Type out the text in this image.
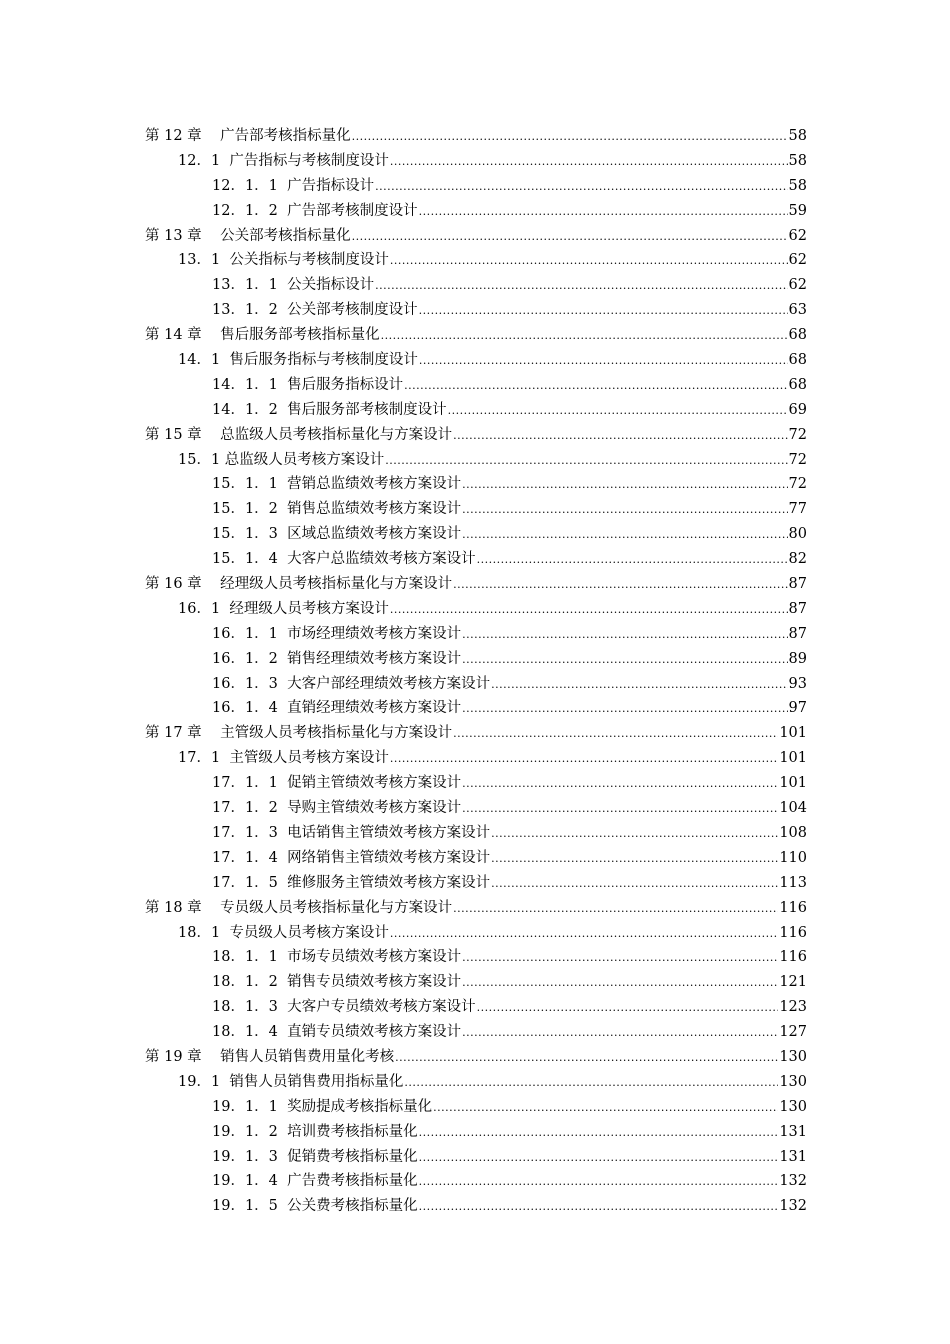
第 12 章    广告部考核指标量化 .....	58
12．1  广告指标与考核制度设计 .....	58
12．1．1  广告指标设计 .....	58
12．1．2  广告部考核制度设计 .....	59
第 13 章    公关部考核指标量化 .....	62
13．1  公关指标与考核制度设计 .....	62
13．1．1  公关指标设计 .....	62
13．1．2  公关部考核制度设计 .....	63
第 14 章    售后服务部考核指标量化 .....	68
14．1  售后服务指标与考核制度设计 .....	68
14．1．1  售后服务指标设计 .....	68
14．1．2  售后服务部考核制度设计 .....	69
第 15 章    总监级人员考核指标量化与方案设计 .....	72
15．1 总监级人员考核方案设计 .....	72
15．1．1  营销总监绩效考核方案设计 .....	72
15．1．2  销售总监绩效考核方案设计 .....	77
15．1．3  区域总监绩效考核方案设计 .....	80
15．1．4  大客户总监绩效考核方案设计 .....	82
第 16 章    经理级人员考核指标量化与方案设计 .....	87
16．1  经理级人员考核方案设计 .....	87
16．1．1  市场经理绩效考核方案设计 .....	87
16．1．2  销售经理绩效考核方案设计 .....	89
16．1．3  大客户部经理绩效考核方案设计 .....	93
16．1．4  直销经理绩效考核方案设计 .....	97
第 17 章    主管级人员考核指标量化与方案设计 .....	101
17．1  主管级人员考核方案设计 .....	101
17．1．1  促销主管绩效考核方案设计 .....	101
17．1．2  导购主管绩效考核方案设计 .....	104
17．1．3  电话销售主管绩效考核方案设计 .....	108
17．1．4  网络销售主管绩效考核方案设计 .....	110
17．1．5  维修服务主管绩效考核方案设计 .....	113
第 18 章    专员级人员考核指标量化与方案设计 .....	116
18．1  专员级人员考核方案设计 .....	116
18．1．1  市场专员绩效考核方案设计 .....	116
18．1．2  销售专员绩效考核方案设计 .....	121
18．1．3  大客户专员绩效考核方案设计 .....	123
18．1．4  直销专员绩效考核方案设计 .....	127
第 19 章    销售人员销售费用量化考核 .....	130
19．1  销售人员销售费用指标量化 .....	130
19．1．1  奖励提成考核指标量化 .....	130
19．1．2  培训费考核指标量化 .....	131
19．1．3  促销费考核指标量化 .....	131
19．1．4  广告费考核指标量化 .....	132
19．1．5  公关费考核指标量化 .....	132
